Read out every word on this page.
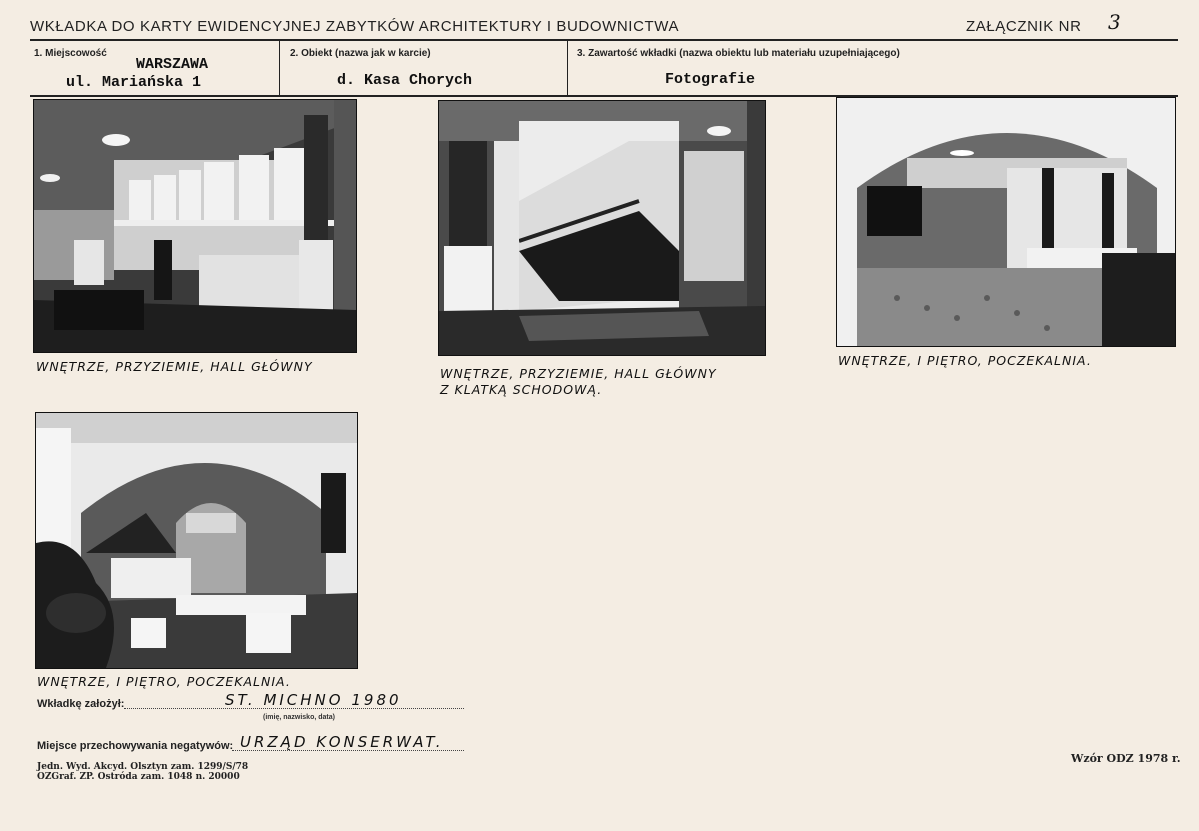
WKŁADKA DO KARTY EWIDENCYJNEJ ZABYTKÓW ARCHITEKTURY I BUDOWNICTWA	ZAŁĄCZNIK NR 3
1. Miejscowość
WARSZAWA
ul. Mariańska 1
2. Obiekt (nazwa jak w karcie)
d. Kasa Chorych
3. Zawartość wkładki (nazwa obiektu lub materiału uzupełniającego)
Fotografie
WNĘTRZE, PRZYZIEMIE, HALL GŁÓWNY	WNĘTRZE, PRZYZIEMIE, HALL GŁÓWNY
Z KLATKĄ SCHODOWĄ.
WNĘTRZE, I PIĘTRO, POCZEKALNIA.
WNĘTRZE, I PIĘTRO, POCZEKALNIA.
Wkładkę założył:	ST. MICHNO 1980
(imię, nazwisko, data)
Miejsce przechowywania negatywów: URZĄD KONSERWAT.
Jedn. Wyd. Akcyd. Olsztyn zam. 1299/S/78
OZGraf. ZP. Ostróda zam. 1048 n. 20000
Wzór ODZ 1978 r.
